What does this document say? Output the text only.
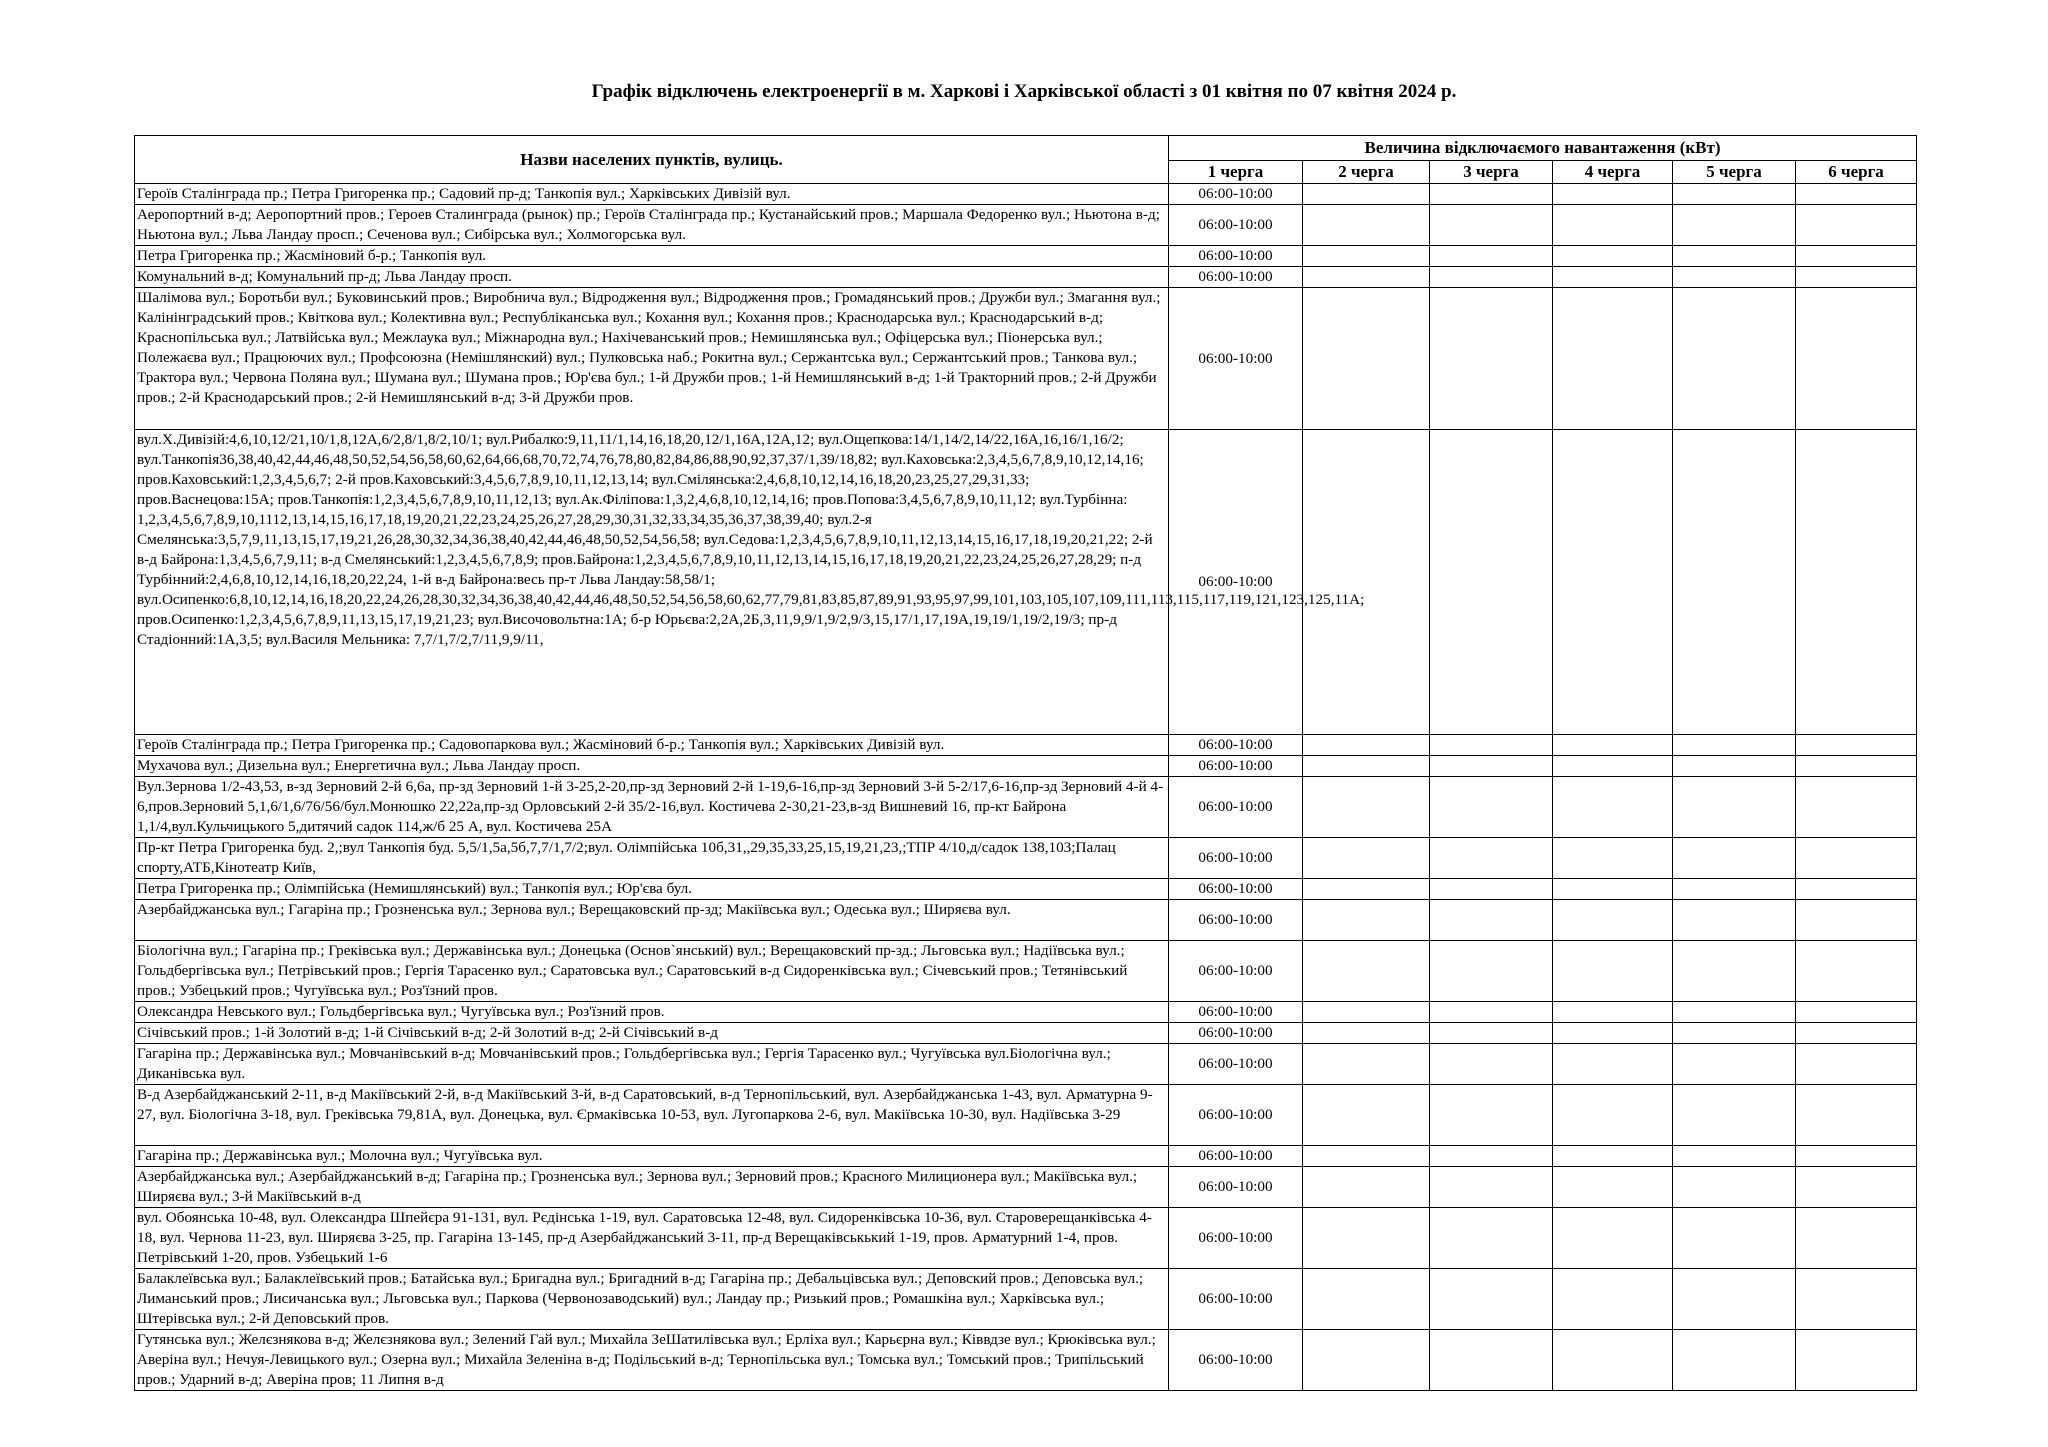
Графік відключень електроенергії в м. Харкові і Харківської області з 01 квітня по 07 квітня 2024 р.
Назви населених пунктів, вулиць.	Величина відключаємого навантаження (кВт)					
	1 черга	2 черга	3 черга	4 черга	5 черга	6 черга
Героїв Сталінграда пр.; Петра Григоренка пр.; Садовий пр-д; Танкопія вул.; Харківських Дивізій вул.	06:00-10:00					
Аеропортний в-д; Аеропортний пров.; Героев Сталинграда (рынок) пр.; Героїв Сталінграда пр.; Кустанайський пров.; Маршала Федоренко вул.; Ньютона в-д; Ньютона вул.; Льва Ландау просп.; Сеченова вул.; Сибірська вул.; Холмогорська вул.	06:00-10:00					
Петра Григоренка пр.; Жасміновий б-р.; Танкопія вул.	06:00-10:00					
Комунальний в-д; Комунальний пр-д; Льва Ландау просп.	06:00-10:00					
Шалімова вул.; Боротьби вул.; Буковинський пров.; Виробнича вул.; Відродження вул.; Відродження пров.; Громадянський пров.; Дружби вул.; Змагання вул.; Калінінградський пров.; Квіткова вул.; Колективна вул.; Республіканська вул.; Кохання вул.; Кохання пров.; Краснодарська вул.; Краснодарський в-д; Краснопільська вул.; Латвійська вул.; Межлаука вул.; Міжнародна вул.; Нахічеванський пров.; Немишлянська вул.; Офіцерська вул.; Піонерська вул.; Полежаєва вул.; Працюючих вул.; Профсоюзна (Немішлянский) вул.; Пулковська наб.; Рокитна вул.; Сержантська вул.; Сержантський пров.; Танкова вул.; Трактора вул.; Червона Поляна вул.; Шумана вул.; Шумана пров.; Юр'єва бул.; 1-й Дружби пров.; 1-й Немишлянський в-д; 1-й Тракторний пров.; 2-й Дружби пров.; 2-й Краснодарський пров.; 2-й Немишлянський в-д; 3-й Дружби пров.	06:00-10:00					
вул.Х.Дивізій:4,6,10,12/21,10/1,8,12А,6/2,8/1,8/2,10/1; вул.Рибалко:9,11,11/1,14,16,18,20,12/1,16А,12А,12; вул.Ощепкова:14/1,14/2,14/22,16А,16,16/1,16/2; вул.Танкопія36,38,40,42,44,46,48,50,52,54,56,58,60,62,64,66,68,70,72,74,76,78,80,82,84,86,88,90,92,37,37/1,39/18,82; вул.Каховська:2,3,4,5,6,7,8,9,10,12,14,16; пров.Каховський:1,2,3,4,5,6,7; 2-й пров.Каховський:3,4,5,6,7,8,9,10,11,12,13,14; вул.Смілянська:2,4,6,8,10,12,14,16,18,20,23,25,27,29,31,33; пров.Васнецова:15А; пров.Танкопія:1,2,3,4,5,6,7,8,9,10,11,12,13; вул.Ак.Філіпова:1,3,2,4,6,8,10,12,14,16; пров.Попова:3,4,5,6,7,8,9,10,11,12; вул.Турбінна: 1,2,3,4,5,6,7,8,9,10,1112,13,14,15,16,17,18,19,20,21,22,23,24,25,26,27,28,29,30,31,32,33,34,35,36,37,38,39,40; вул.2-я Смелянська:3,5,7,9,11,13,15,17,19,21,26,28,30,32,34,36,38,40,42,44,46,48,50,52,54,56,58; вул.Седова:1,2,3,4,5,6,7,8,9,10,11,12,13,14,15,16,17,18,19,20,21,22; 2-й в-д Байрона:1,3,4,5,6,7,9,11; в-д Смелянський:1,2,3,4,5,6,7,8,9; пров.Байрона:1,2,3,4,5,6,7,8,9,10,11,12,13,14,15,16,17,18,19,20,21,22,23,24,25,26,27,28,29; п-д Турбінний:2,4,6,8,10,12,14,16,18,20,22,24, 1-й в-д Байрона:весь пр-т Льва Ландау:58,58/1; вул.Осипенко:6,8,10,12,14,16,18,20,22,24,26,28,30,32,34,36,38,40,42,44,46,48,50,52,54,56,58,60,62,77,79,81,83,85,87,89,91,93,95,97,99,101,103,105,107,109,111,113,115,117,119,121,123,125,11А; пров.Осипенко:1,2,3,4,5,6,7,8,9,11,13,15,17,19,21,23; вул.Височовольтна:1А; б-р Юрьєва:2,2А,2Б,3,11,9,9/1,9/2,9/3,15,17/1,17,19А,19,19/1,19/2,19/3; пр-д Стадіонний:1А,3,5; вул.Василя Мельника: 7,7/1,7/2,7/11,9,9/11,	06:00-10:00					
Героїв Сталінграда пр.; Петра Григоренка пр.; Садовопаркова вул.; Жасміновий б-р.; Танкопія вул.; Харківських Дивізій вул.	06:00-10:00					
Мухачова вул.; Дизельна вул.; Енергетична вул.; Льва Ландау просп.	06:00-10:00					
Вул.Зернова 1/2-43,53, в-зд Зерновий 2-й 6,6а, пр-зд Зерновий 1-й 3-25,2-20,пр-зд Зерновий 2-й 1-19,6-16,пр-зд Зерновий 3-й 5-2/17,6-16,пр-зд Зерновий 4-й 4-6,пров.Зерновий 5,1,6/1,6/76/56/бул.Монюшко 22,22а,пр-зд Орловський 2-й 35/2-16,вул. Костичева 2-30,21-23,в-зд Вишневий 16, пр-кт Байрона 1,1/4,вул.Кульчицького 5,дитячий садок 114,ж/б 25 А, вул. Костичева 25А	06:00-10:00					
Пр-кт Петра Григоренка буд. 2,;вул Танкопія буд. 5,5/1,5а,5б,7,7/1,7/2;вул. Олімпійська 10б,31,,29,35,33,25,15,19,21,23,;ТПР 4/10,д/садок 138,103;Палац спорту,АТБ,Кінотеатр Київ,	06:00-10:00					
Петра Григоренка пр.; Олімпійська (Немишлянський) вул.; Танкопія вул.; Юр'єва бул.	06:00-10:00					
Азербайджанська вул.; Гагаріна пр.; Грозненська вул.; Зернова вул.; Верещаковский пр-зд; Макіївська вул.; Одеська вул.; Ширяєва вул.	06:00-10:00					
Біологічна вул.; Гагаріна пр.; Греківська вул.; Державінська вул.; Донецька (Основ`янський) вул.; Верещаковский пр-зд.; Льговська вул.; Надіївська вул.; Гольдбергівська вул.; Петрівський пров.; Гергія Тарасенко вул.; Саратовська вул.; Саратовський в-д Сидоренківська вул.; Січевський пров.; Тетянівський пров.; Узбецький пров.; Чугуївська вул.; Роз'їзний пров.	06:00-10:00					
Олександра Невського вул.; Гольдбергівська вул.; Чугуївська вул.; Роз'їзний пров.	06:00-10:00					
Січівський пров.; 1-й Золотий в-д; 1-й Січівський в-д; 2-й Золотий в-д; 2-й Січівський в-д	06:00-10:00					
Гагаріна пр.; Державінська вул.; Мовчанівський в-д; Мовчанівський пров.; Гольдбергівська вул.; Гергія Тарасенко вул.; Чугуївська вул.Біологічна вул.; Диканівська вул.	06:00-10:00					
В-д Азербайджанський 2-11, в-д Макіївський 2-й, в-д Макіївський 3-й, в-д Саратовський, в-д Тернопільський, вул. Азербайджанська 1-43, вул. Арматурна 9-27, вул. Біологічна 3-18, вул. Греківська 79,81А, вул. Донецька, вул. Єрмаківська 10-53, вул. Лугопаркова 2-6, вул. Макіївська 10-30, вул. Надіївська 3-29	06:00-10:00					
Гагаріна пр.; Державінська вул.; Молочна вул.; Чугуївська вул.	06:00-10:00					
Азербайджанська вул.; Азербайджанський в-д; Гагаріна пр.; Грозненська вул.; Зернова вул.; Зерновий пров.; Красного Милиционера вул.; Макіївська вул.; Ширяєва вул.; 3-й Макіївський в-д	06:00-10:00					
вул. Обоянська 10-48, вул. Олександра Шпейєра 91-131, вул. Рєдінська 1-19, вул. Саратовська 12-48, вул. Сидоренківська 10-36, вул. Староверещанківська 4-18, вул. Чернова 11-23, вул. Ширяєва 3-25, пр. Гагаріна 13-145, пр-д Азербайджанський 3-11, пр-д Верещаківськький 1-19, пров. Арматурний 1-4, пров. Петрівський 1-20, пров. Узбецький 1-6	06:00-10:00					
Балаклеївська вул.; Балаклеївський пров.; Батайська вул.; Бригадна вул.; Бригадний в-д; Гагаріна пр.; Дебальцівська вул.; Деповский пров.; Деповська вул.; Лиманський пров.; Лисичанська вул.; Льговська вул.; Паркова (Червонозаводський) вул.; Ландау пр.; Ризький пров.; Ромашкіна вул.; Харківська вул.; Штерівська вул.; 2-й Деповський пров.	06:00-10:00					
Гутянська вул.; Желєзнякова в-д; Желєзнякова вул.; Зелений Гай вул.; Михайла ЗеШатилівська вул.; Ерліха вул.; Карьєрна вул.; Ківвдзе вул.; Крюківська вул.; Аверіна вул.; Нечуя-Левицького вул.; Озерна вул.; Михайла Зеленіна в-д; Подільський в-д; Тернопільська вул.; Томська вул.; Томський пров.; Трипільський пров.; Ударний в-д; Аверіна пров; 11 Липня в-д	06:00-10:00					
